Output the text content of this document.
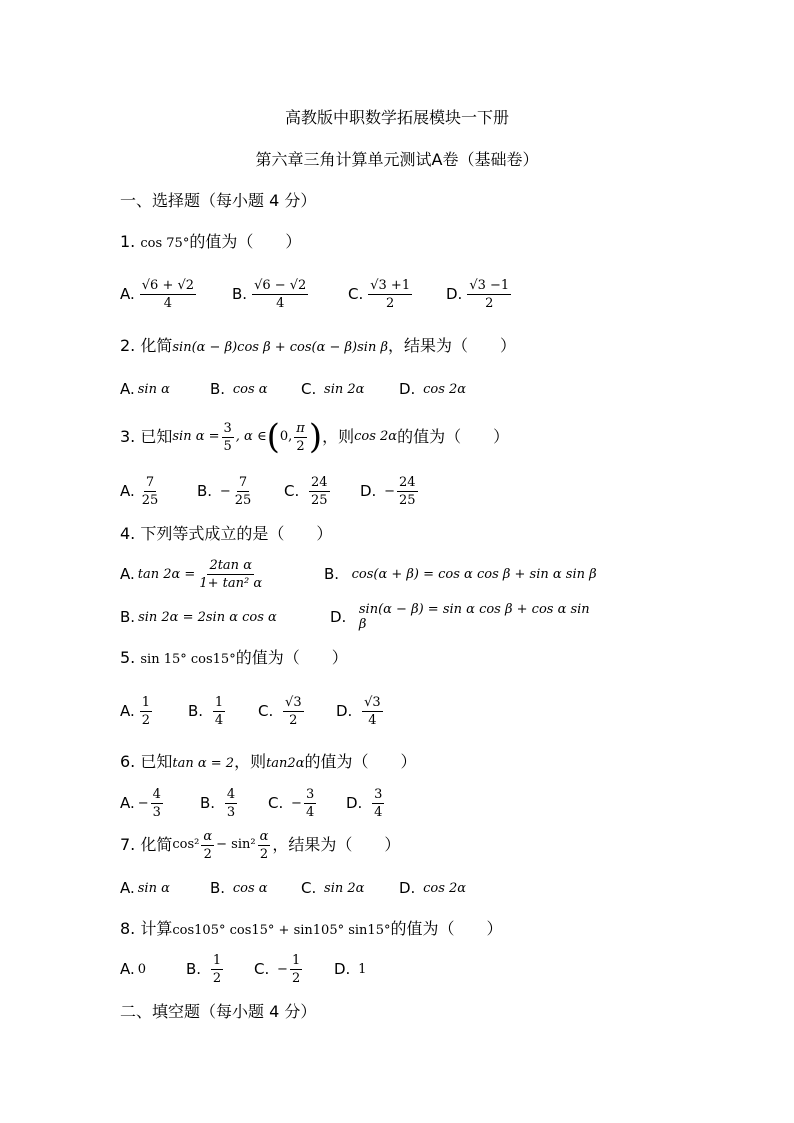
高教版中职数学拓展模块一下册
第六章三角计算单元测试A卷（基础卷）
一、选择题（每小题 4 分）
1. cos 75°的值为（　　）
A. $\frac{√6 + √2}{4} B$. $\frac{√6 - √2}{4}$	C. $\frac{√3 +1}{2} D$. $\frac{√3 -1}{2}$
2. 化简sin(α − β)cos β + cos(α − β)sin β，结果为（　　）
A. sin α	B.
cos α C.
sin 2α D.
cos 2α
3.
已知 $\sin \alpha = \frac{3}{5}$ , α ∈ ( 0, $\frac{\pi}{2}$ ) ，则 cos 2α 的值为（　　）
A. $\frac{7}{25} B$.
− $\frac{7}{25} C$.
$\frac{24}{25} D$.
− $\frac{24}{25}$
4. 下列等式成立的是（　　）
A. $\tan 2\alpha = \frac{\text{2tan α}}{\text{1+ tan² α}}$	B.
cos(α + β) = cos α cos β + sin α sin β
B. sin 2α = 2sin α cos α	D.
sin(α − β) = sin α cos β + cos α sin β
5. sin 15° cos15°的值为（　　）
A. $\frac{1}{2} B$.
$\frac{1}{4} C$.
$\frac{√3}{2} D$.
$\frac{√3}{4}$
6. 已知tan α = 2，则tan2α的值为（　　）
A. − $\frac{4}{3} B$.
$\frac{4}{3} C$.
− $\frac{3}{4} D$.
$\frac{3}{4}$
7.
化简 $\cos^2 \frac{\alpha}{2} - \sin^2 \frac{\alpha}{2}$ ，结果为（　　）
A. sin α	B.
cos α C.
sin 2α D.
cos 2α
8. 计算cos105° cos15° + sin105° sin15°的值为（　　）
A. 0	B.
$\frac{1}{2} C$.
− $\frac{1}{2} D$.
1
二、填空题（每小题 4 分）
